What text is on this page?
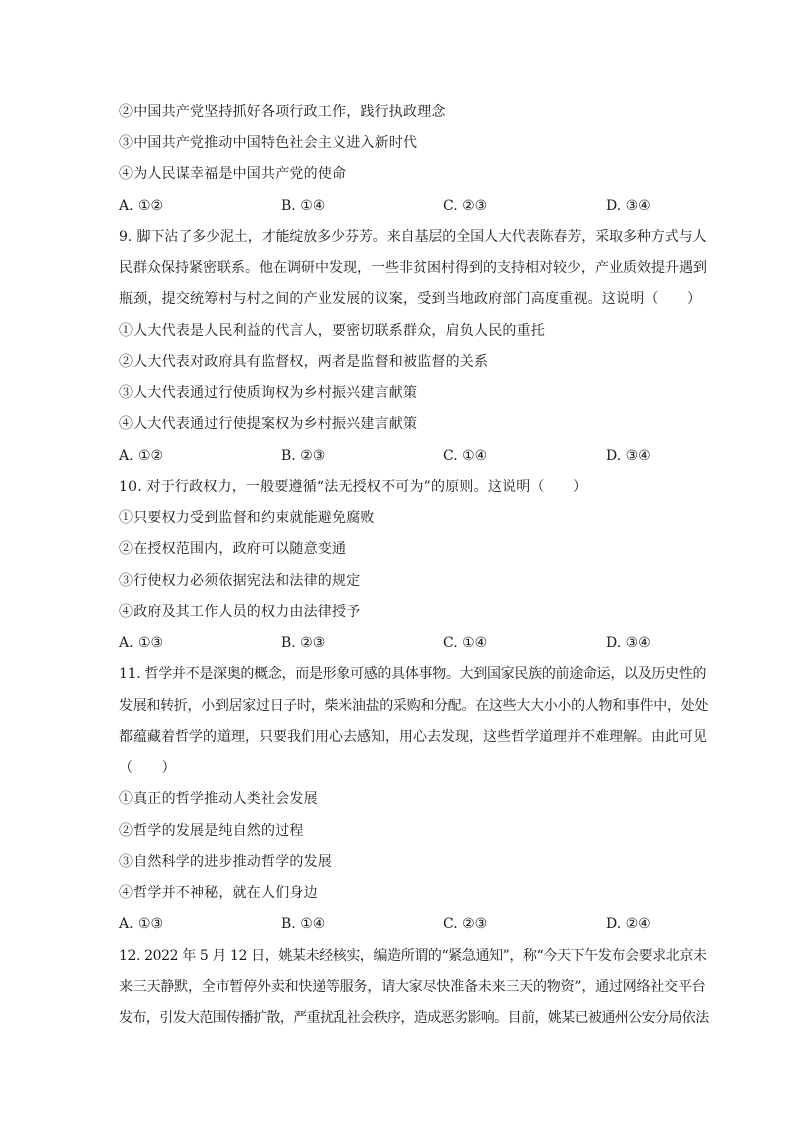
②中国共产党坚持抓好各项行政工作，践行执政理念
③中国共产党推动中国特色社会主义进入新时代
④为人民谋幸福是中国共产党的使命
A. ①②	B. ①④	C. ②③	D. ③④
9. 脚下沾了多少泥土，才能绽放多少芬芳。来自基层的全国人大代表陈春芳，采取多种方式与人
民群众保持紧密联系。他在调研中发现，一些非贫困村得到的支持相对较少，产业质效提升遇到
瓶颈，提交统筹村与村之间的产业发展的议案，受到当地政府部门高度重视。这说明（　　）
①人大代表是人民利益的代言人，要密切联系群众，肩负人民的重托
②人大代表对政府具有监督权，两者是监督和被监督的关系
③人大代表通过行使质询权为乡村振兴建言献策
④人大代表通过行使提案权为乡村振兴建言献策
A. ①②	B. ②③	C. ①④	D. ③④
10. 对于行政权力，一般要遵循“法无授权不可为”的原则。这说明（　　）
①只要权力受到监督和约束就能避免腐败
②在授权范围内，政府可以随意变通
③行使权力必须依据宪法和法律的规定
④政府及其工作人员的权力由法律授予
A. ①③	B. ②③	C. ①④	D. ③④
11. 哲学并不是深奥的概念，而是形象可感的具体事物。大到国家民族的前途命运，以及历史性的
发展和转折，小到居家过日子时，柴米油盐的采购和分配。在这些大大小小的人物和事件中，处处
都蕴藏着哲学的道理，只要我们用心去感知，用心去发现，这些哲学道理并不难理解。由此可见
（　　）
①真正的哲学推动人类社会发展
②哲学的发展是纯自然的过程
③自然科学的进步推动哲学的发展
④哲学并不神秘，就在人们身边
A. ①③	B. ①④	C. ②③	D. ②④
12. 2022 年 5 月 12 日，姚某未经核实，编造所谓的“紧急通知”，称“今天下午发布会要求北京未
来三天静默，全市暂停外卖和快递等服务，请大家尽快准备未来三天的物资”，通过网络社交平台
发布，引发大范围传播扩散，严重扰乱社会秩序，造成恶劣影响。目前，姚某已被通州公安分局依法
